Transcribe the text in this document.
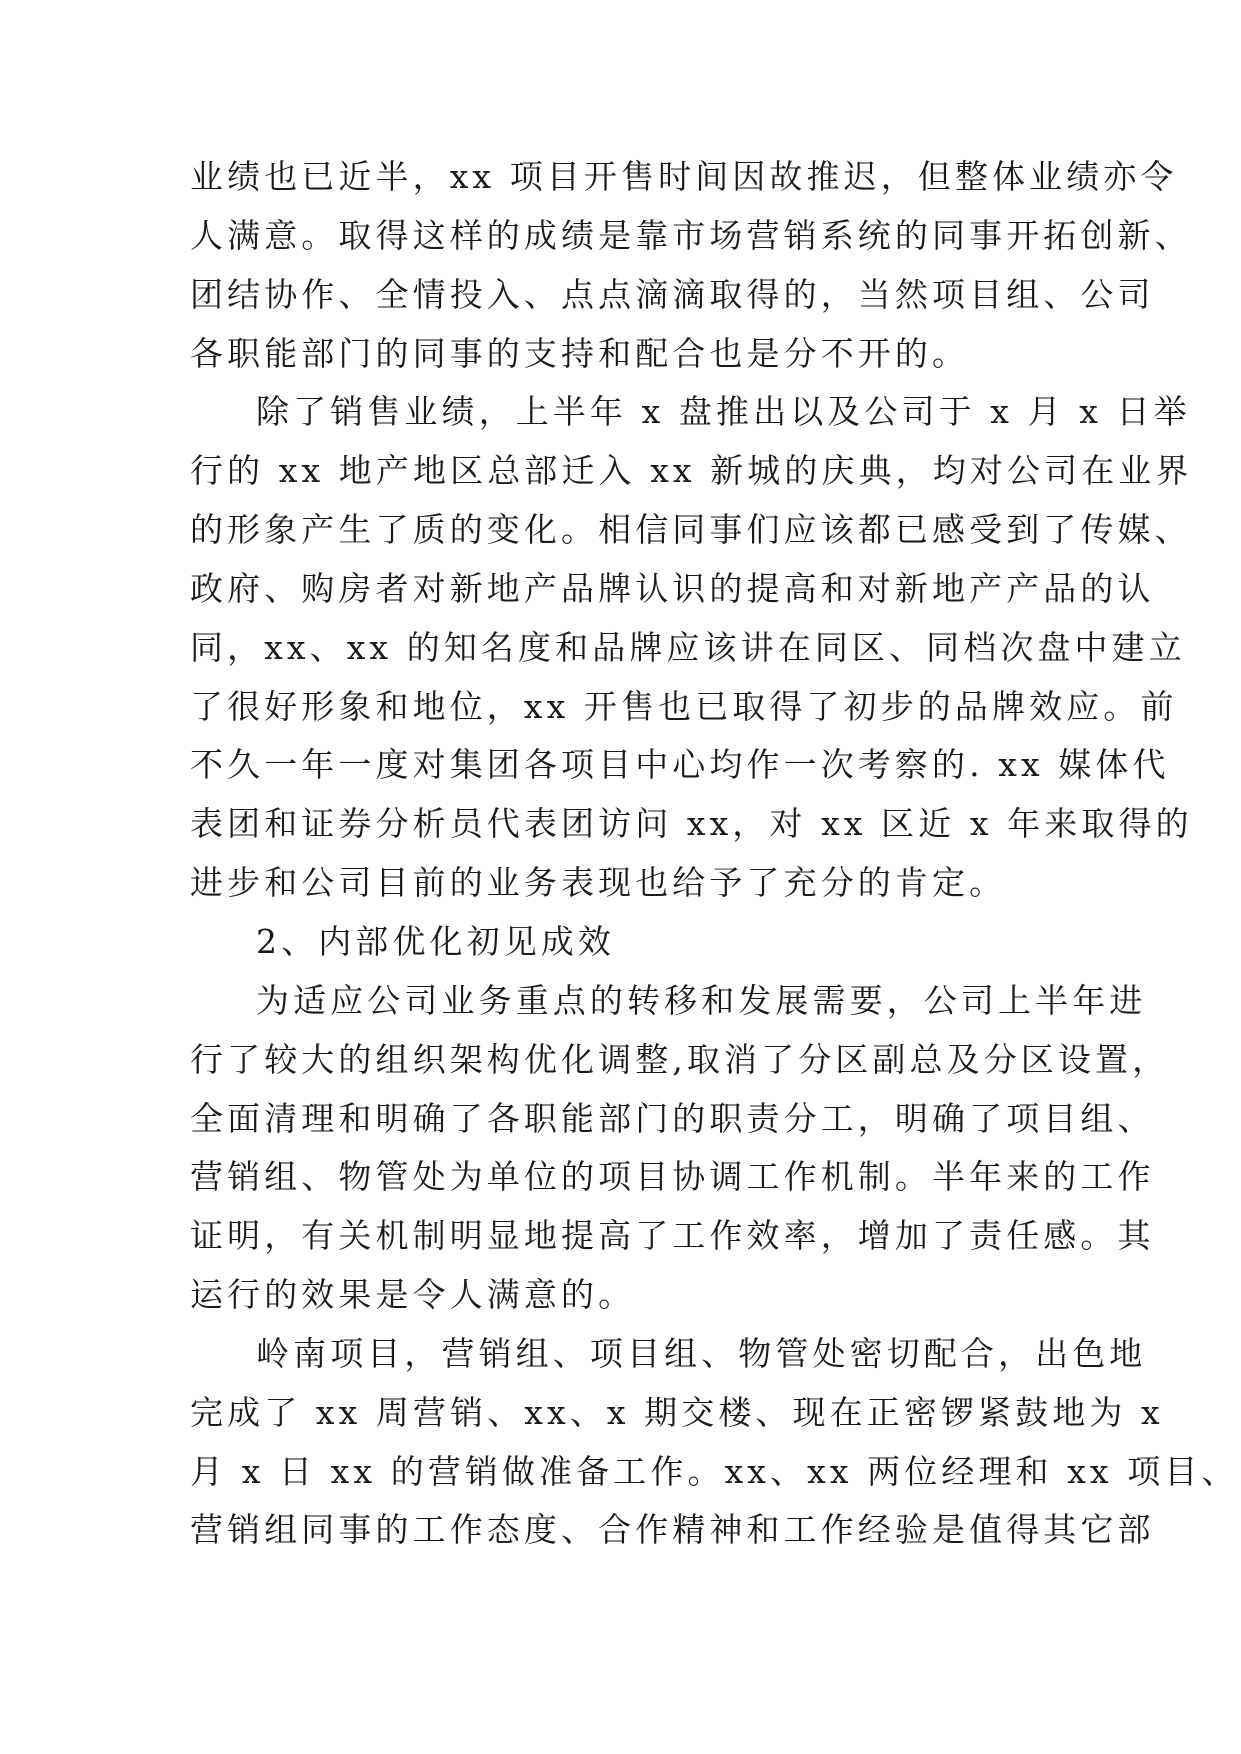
业绩也已近半，xx 项目开售时间因故推迟，但整体业绩亦令
人满意。取得这样的成绩是靠市场营销系统的同事开拓创新、
团结协作、全情投入、点点滴滴取得的，当然项目组、公司
各职能部门的同事的支持和配合也是分不开的。
除了销售业绩，上半年 x 盘推出以及公司于 x 月 x 日举
行的 xx 地产地区总部迁入 xx 新城的庆典，均对公司在业界
的形象产生了质的变化。相信同事们应该都已感受到了传媒、
政府、购房者对新地产品牌认识的提高和对新地产产品的认
同，xx、xx 的知名度和品牌应该讲在同区、同档次盘中建立
了很好形象和地位，xx 开售也已取得了初步的品牌效应。前
不久一年一度对集团各项目中心均作一次考察的. xx 媒体代
表团和证券分析员代表团访问 xx，对 xx 区近 x 年来取得的
进步和公司目前的业务表现也给予了充分的肯定。
2、内部优化初见成效
为适应公司业务重点的转移和发展需要，公司上半年进
行了较大的组织架构优化调整,取消了分区副总及分区设置，
全面清理和明确了各职能部门的职责分工，明确了项目组、
营销组、物管处为单位的项目协调工作机制。半年来的工作
证明，有关机制明显地提高了工作效率，增加了责任感。其
运行的效果是令人满意的。
岭南项目，营销组、项目组、物管处密切配合，出色地
完成了 xx 周营销、xx、x 期交楼、现在正密锣紧鼓地为 x
月 x 日 xx 的营销做准备工作。xx、xx 两位经理和 xx 项目、
营销组同事的工作态度、合作精神和工作经验是值得其它部
